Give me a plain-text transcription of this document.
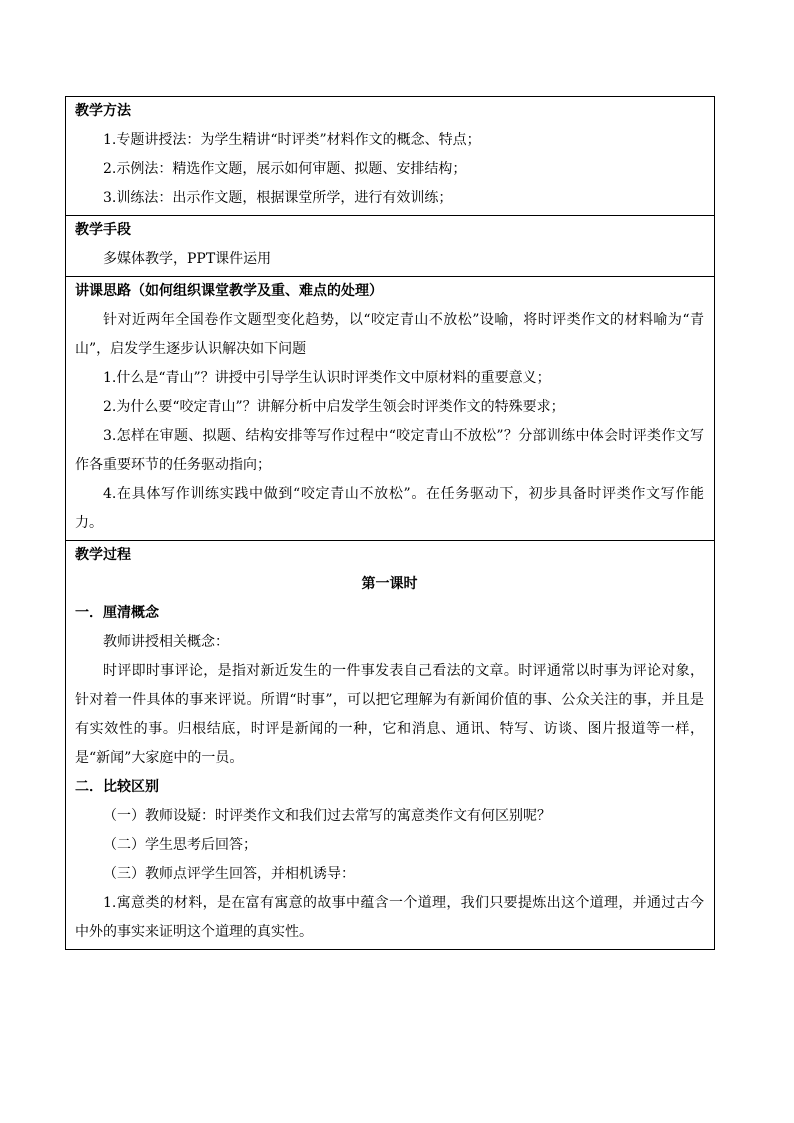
教学方法

1.专题讲授法：为学生精讲“时评类”材料作文的概念、特点；

2.示例法：精选作文题，展示如何审题、拟题、安排结构；

3.训练法：出示作文题，根据课堂所学，进行有效训练；

教学手段

多媒体教学，PPT课件运用

讲课思路（如何组织课堂教学及重、难点的处理）

针对近两年全国卷作文题型变化趋势，以“咬定青山不放松”设喻，将时评类作文的材料喻为“青山”，启发学生逐步认识解决如下问题

1.什么是“青山”？讲授中引导学生认识时评类作文中原材料的重要意义；

2.为什么要“咬定青山”？讲解分析中启发学生领会时评类作文的特殊要求；

3.怎样在审题、拟题、结构安排等写作过程中“咬定青山不放松”？分部训练中体会时评类作文写作各重要环节的任务驱动指向；

4.在具体写作训练实践中做到“咬定青山不放松”。在任务驱动下，初步具备时评类作文写作能力。

教学过程

第一课时

一．厘清概念

教师讲授相关概念：

时评即时事评论，是指对新近发生的一件事发表自己看法的文章。时评通常以时事为评论对象，针对着一件具体的事来评说。所谓“时事”，可以把它理解为有新闻价值的事、公众关注的事，并且是有实效性的事。归根结底，时评是新闻的一种，它和消息、通讯、特写、访谈、图片报道等一样，是“新闻”大家庭中的一员。

二．比较区别

（一）教师设疑：时评类作文和我们过去常写的寓意类作文有何区别呢？

（二）学生思考后回答；

（三）教师点评学生回答，并相机诱导：

1.寓意类的材料，是在富有寓意的故事中蕴含一个道理，我们只要提炼出这个道理，并通过古今中外的事实来证明这个道理的真实性。
